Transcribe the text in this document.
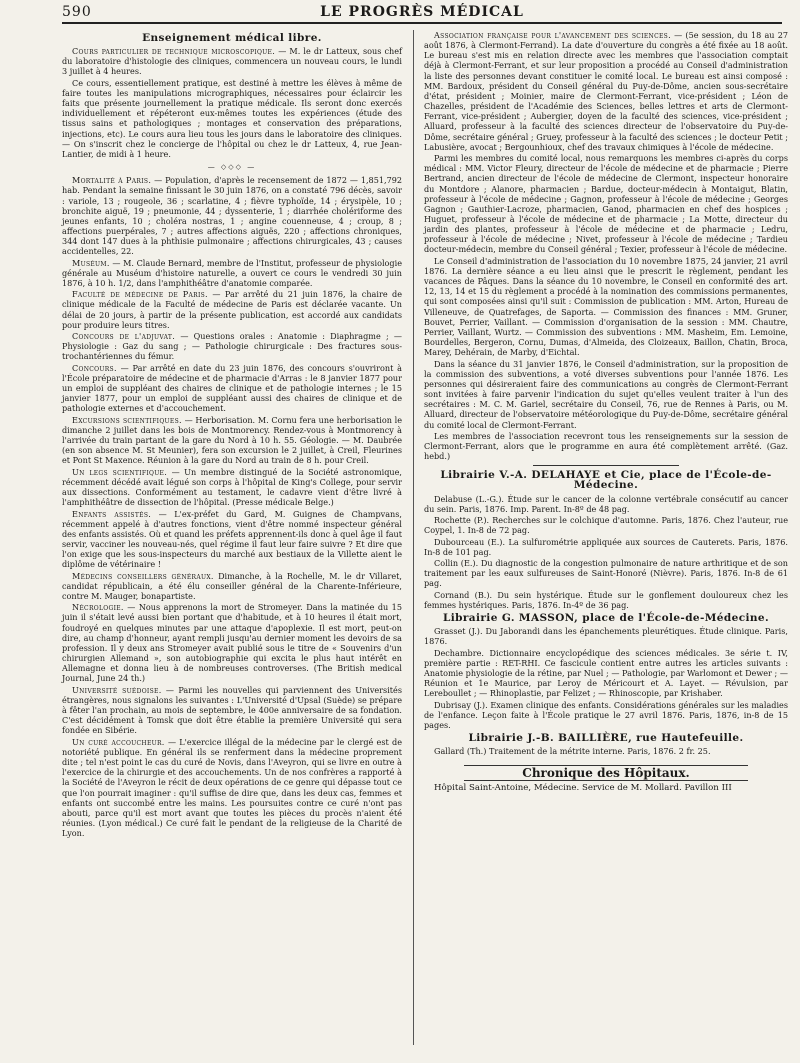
590	LE PROGRÈS MÉDICAL
Enseignement médical libre.

Cours particulier de technique microscopique. — M. le dr Latteux, sous chef du laboratoire d'histologie des cliniques, commencera un nouveau cours, le lundi 3 juillet à 4 heures.

Ce cours, essentiellement pratique, est destiné à mettre les élèves à même de faire toutes les manipulations micrographiques, nécessaires pour éclaircir les faits que présente journellement la pratique médicale. Ils seront donc exercés individuellement et répéteront eux-mêmes toutes les expériences (étude des tissus sains et pathologiques ; montages et conservation des préparations, injections, etc). Le cours aura lieu tous les jours dans le laboratoire des cliniques. — On s'inscrit chez le concierge de l'hôpital ou chez le dr Latteux, 4, rue Jean-Lantier, de midi à 1 heure.

— ◇◇◇ —

Mortalité à Paris. — Population, d'après le recensement de 1872 — 1,851,792 hab. Pendant la semaine finissant le 30 juin 1876, on a constaté 796 décès, savoir : variole, 13 ; rougeole, 36 ; scarlatine, 4 ; fièvre typhoïde, 14 ; érysipèle, 10 ; bronchite aiguë, 19 ; pneumonie, 44 ; dyssenterie, 1 ; diarrhée cholériforme des jeunes enfants, 10 ; choléra nostras, 1 ; angine couenneuse, 4 ; croup, 8 ; affections puerpérales, 7 ; autres affections aiguës, 220 ; affections chroniques, 344 dont 147 dues à la phthisie pulmonaire ; affections chirurgicales, 43 ; causes accidentelles, 22.

Muséum. — M. Claude Bernard, membre de l'Institut, professeur de physiologie générale au Muséum d'histoire naturelle, a ouvert ce cours le vendredi 30 juin 1876, à 10 h. 1/2, dans l'amphithéâtre d'anatomie comparée.

Faculté de médecine de Paris. — Par arrêté du 21 juin 1876, la chaire de clinique médicale de la Faculté de médecine de Paris est déclarée vacante. Un délai de 20 jours, à partir de la présente publication, est accordé aux candidats pour produire leurs titres.

Concours de l'adjuvat. — Questions orales : Anatomie : Diaphragme ; — Physiologie : Gaz du sang ; — Pathologie chirurgicale : Des fractures sous-trochantériennes du fémur.

Concours. — Par arrêté en date du 23 juin 1876, des concours s'ouvriront à l'École préparatoire de médecine et de pharmacie d'Arras : le 8 janvier 1877 pour un emploi de suppléant des chaires de clinique et de pathologie internes ; le 15 janvier 1877, pour un emploi de suppléant aussi des chaires de clinique et de pathologie externes et d'accouchement.

Excursions scientifiques. — Herborisation. M. Cornu fera une herborisation le dimanche 2 juillet dans les bois de Montmorency. Rendez-vous à Montmorency à l'arrivée du train partant de la gare du Nord à 10 h. 55. Géologie. — M. Daubrée (en son absence M. St Meunier), fera son excursion le 2 juillet, à Creil, Fleurines et Pont St Maxence. Réunion à la gare du Nord au train de 8 h. pour Creil.

Un legs scientifique. — Un membre distingué de la Société astronomique, récemment décédé avait légué son corps à l'hôpital de King's College, pour servir aux dissections. Conformément au testament, le cadavre vient d'être livré à l'amphithéâtre de dissection de l'hôpital. (Presse médicale Belge.)

Enfants assistés. — L'ex-préfet du Gard, M. Guignes de Champvans, récemment appelé à d'autres fonctions, vient d'être nommé inspecteur général des enfants assistés. Où et quand les préfets apprennent-ils donc à quel âge il faut servir, vacciner les nouveau-nés, quel régime il faut leur faire suivre ? Et dire que l'on exige que les sous-inspecteurs du marché aux bestiaux de la Villette aient le diplôme de vétérinaire !

Médecins conseillers généraux. Dimanche, à la Rochelle, M. le dr Villaret, candidat républicain, a été élu conseiller général de la Charente-Inférieure, contre M. Mauger, bonapartiste.

Nécrologie. — Nous apprenons la mort de Stromeyer. Dans la matinée du 15 juin il s'était levé aussi bien portant que d'habitude, et à 10 heures il était mort, foudroyé en quelques minutes par une attaque d'apoplexie. Il est mort, peut-on dire, au champ d'honneur, ayant rempli jusqu'au dernier moment les devoirs de sa profession. Il y deux ans Stromeyer avait publié sous le titre de « Souvenirs d'un chirurgien Allemand », son autobiographie qui excita le plus haut intérêt en Allemagne et donna lieu à de nombreuses controverses. (The British medical Journal, June 24 th.)

Université suédoise. — Parmi les nouvelles qui parviennent des Universités étrangères, nous signalons les suivantes : L'Université d'Upsal (Suède) se prépare à fêter l'an prochain, au mois de septembre, le 400e anniversaire de sa fondation. C'est décidément à Tomsk que doit être établie la première Université qui sera fondée en Sibérie.

Un curé accoucheur. — L'exercice illégal de la médecine par le clergé est de notoriété publique. En général ils se renferment dans la médecine proprement dite ; tel n'est point le cas du curé de Novis, dans l'Aveyron, qui se livre en outre à l'exercice de la chirurgie et des accouchements. Un de nos confrères a rapporté à la Société de l'Aveyron le récit de deux opérations de ce genre qui dépasse tout ce que l'on pourrait imaginer : qu'il suffise de dire que, dans les deux cas, femmes et enfants ont succombé entre les mains. Les poursuites contre ce curé n'ont pas abouti, parce qu'il est mort avant que toutes les pièces du procès n'aient été réunies. (Lyon médical.) Ce curé fait le pendant de la religieuse de la Charité de Lyon.

Association française pour l'avancement des sciences. — (5e session, du 18 au 27 août 1876, à Clermont-Ferrand). La date d'ouverture du congrès a été fixée au 18 août. Le bureau s'est mis en relation directe avec les membres que l'association comptait déjà à Clermont-Ferrant, et sur leur proposition a procédé au Conseil d'administration la liste des personnes devant constituer le comité local. Le bureau est ainsi composé : MM. Bardoux, président du Conseil général du Puy-de-Dôme, ancien sous-secrétaire d'état, président ; Moinier, maire de Clermont-Ferrant, vice-président ; Léon de Chazelles, président de l'Académie des Sciences, belles lettres et arts de Clermont-Ferrant, vice-président ; Aubergier, doyen de la faculté des sciences, vice-président ; Alluard, professeur à la faculté des sciences directeur de l'observatoire du Puy-de-Dôme, secrétaire général ; Gruey, professeur à la faculté des sciences ; le docteur Petit ; Labusière, avocat ; Bergounhioux, chef des travaux chimiques à l'école de médecine.

Parmi les membres du comité local, nous remarquons les membres ci-après du corps médical : MM. Victor Fleury, directeur de l'école de médecine et de pharmacie ; Pierre Bertrand, ancien directeur de l'école de médecine de Clermont, inspecteur honoraire du Montdore ; Alanore, pharmacien ; Bardue, docteur-médecin à Montaigut, Blatin, professeur à l'école de médecine ; Gagnon, professeur à l'école de médecine ; Georges Gagnon ; Gauthier-Lacroze, pharmacien, Ganod, pharmacien en chef des hospices ; Huguet, professeur à l'école de médecine et de pharmacie ; La Motte, directeur du jardin des plantes, professeur à l'école de médecine et de pharmacie ; Ledru, professeur à l'école de médecine ; Nivet, professeur à l'école de médecine ; Tardieu docteur-médecin, membre du Conseil général ; Texier, professeur à l'école de médecine.

Le Conseil d'administration de l'association du 10 novembre 1875, 24 janvier, 21 avril 1876. La dernière séance a eu lieu ainsi que le prescrit le règlement, pendant les vacances de Pâques. Dans la séance du 10 novembre, le Conseil en conformité des art. 12, 13, 14 et 15 du règlement a procédé à la nomination des commissions permanentes, qui sont composées ainsi qu'il suit : Commission de publication : MM. Arton, Hureau de Villeneuve, de Quatrefages, de Saporta. — Commission des finances : MM. Gruner, Bouvet, Perrier, Vaillant. — Commission d'organisation de la session : MM. Chautre, Perrier, Vaillant, Wurtz. — Commission des subventions : MM. Masheim, Em. Lemoine, Bourdelles, Bergeron, Cornu, Dumas, d'Almeida, des Cloizeaux, Baillon, Chatin, Broca, Marey, Dehérain, de Marby, d'Eichtal.

Dans la séance du 31 janvier 1876, le Conseil d'administration, sur la proposition de la commission des subventions, a voté diverses subventions pour l'année 1876. Les personnes qui désireraient faire des communications au congrès de Clermont-Ferrant sont invitées à faire parvenir l'indication du sujet qu'elles veulent traiter à l'un des secrétaires : M. C. M. Gariel, secrétaire du Conseil, 76, rue de Rennes à Paris, ou M. Alluard, directeur de l'observatoire météorologique du Puy-de-Dôme, secrétaire général du comité local de Clermont-Ferrant.

Les membres de l'association recevront tous les renseignements sur la session de Clermont-Ferrant, alors que le programme en aura été complètement arrêté. (Gaz. hebd.)

Librairie V.-A. DELAHAYE et Cie, place de l'École-de-Médecine.

Delabuse (L.-G.). Étude sur le cancer de la colonne vertébrale consécutif au cancer du sein. Paris, 1876. Imp. Parent. In-8º de 48 pag.

Rochette (P.). Recherches sur le colchique d'automne. Paris, 1876. Chez l'auteur, rue Coypel, 1. In-8 de 72 pag.

Dubourceau (E.). La sulfurométrie appliquée aux sources de Cauterets. Paris, 1876. In-8 de 101 pag.

Collin (E.). Du diagnostic de la congestion pulmonaire de nature arthritique et de son traitement par les eaux sulfureuses de Saint-Honoré (Nièvre). Paris, 1876. In-8 de 61 pag.

Cornand (B.). Du sein hystérique. Étude sur le gonflement douloureux chez les femmes hystériques. Paris, 1876. In-4º de 36 pag.

Librairie G. MASSON, place de l'École-de-Médecine.

Grasset (J.). Du Jaborandi dans les épanchements pleurétiques. Étude clinique. Paris, 1876.

Dechambre. Dictionnaire encyclopédique des sciences médicales. 3e série t. IV, première partie : RET-RHI. Ce fascicule contient entre autres les articles suivants : Anatomie physiologie de la rétine, par Nuel ; — Pathologie, par Warlomont et Dewer ; — Réunion et 1e Maurice, par Leroy de Méricourt et A. Layet. — Révulsion, par Lereboullet ; — Rhinoplastie, par Felizet ; — Rhinoscopie, par Krishaber.

Dubrisay (J.). Examen clinique des enfants. Considérations générales sur les maladies de l'enfance. Leçon faite à l'École pratique le 27 avril 1876. Paris, 1876, in-8 de 15 pages.

Librairie J.-B. BAILLIÈRE, rue Hautefeuille.

Gallard (Th.) Traitement de la métrite interne. Paris, 1876. 2 fr. 25.

Chronique des Hôpitaux.

Hôpital Saint-Antoine, Médecine. Service de M. Mollard. Pavillon III
